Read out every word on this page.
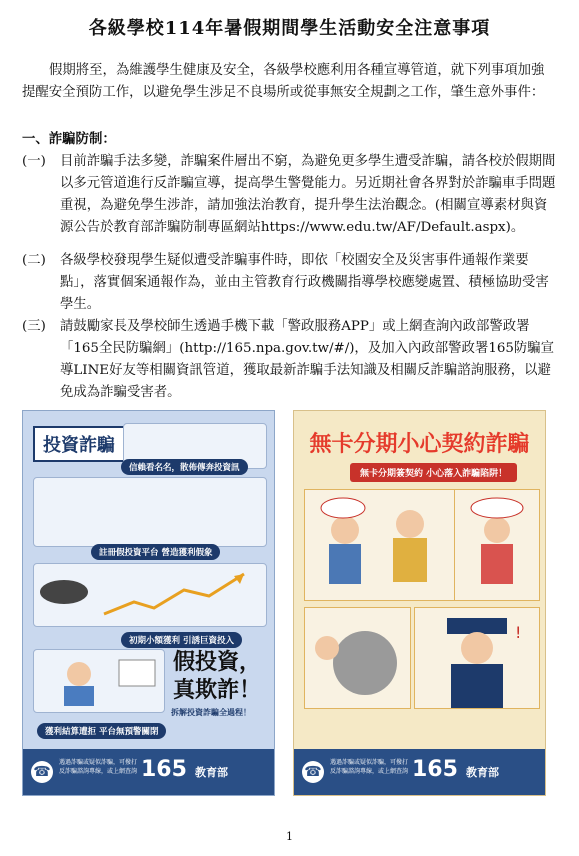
各級學校114年暑假期間學生活動安全注意事項
假期將至，為維護學生健康及安全，各級學校應利用各種宣導管道，就下列事項加強提醒安全預防工作，以避免學生涉足不良場所或從事無安全規劃之工作，肇生意外事件：
一、詐騙防制：
(一) 目前詐騙手法多變，詐騙案件層出不窮，為避免更多學生遭受詐騙，請各校於假期間以多元管道進行反詐騙宣導，提高學生警覺能力。另近期社會各界對於詐騙車手問題重視，為避免學生涉詐，請加強法治教育，提升學生法治觀念。(相關宣導素材與資源公告於教育部詐騙防制專區網站https://www.edu.tw/AF/Default.aspx)。
(二) 各級學校發現學生疑似遭受詐騙事件時，即依「校園安全及災害事件通報作業要點」，落實個案通報作為，並由主管教育行政機關指導學校應變處置、積極協助受害學生。
(三) 請鼓勵家長及學校師生透過手機下載「警政服務APP」或上網查詢內政部警政署「165全民防騙網」(http://165.npa.gov.tw/#/)，及加入內政部警政署165防騙宣導LINE好友等相關資訊管道，獲取最新詐騙手法知識及相關反詐騙諮詢服務，以避免成為詐騙受害者。
投資詐騙
信賴看名名，散佈傳奔投資訊
註冊假投資平台 營造獲利假象
初期小額獲利 引誘巨資投入
假投資，真欺詐！
拆解投資詐騙全過程！
獲利結算遭拒 平台無預警關閉
☎
遇過詐騙或疑似詐騙，可撥打反詐騙諮詢專線，或上網查詢 165 教育部
無卡分期小心契約詐騙
無卡分期簽契約 小心落入詐騙陷阱！
!
☎
遇過詐騙或疑似詐騙，可撥打反詐騙諮詢專線，或上網查詢 165 教育部
1
